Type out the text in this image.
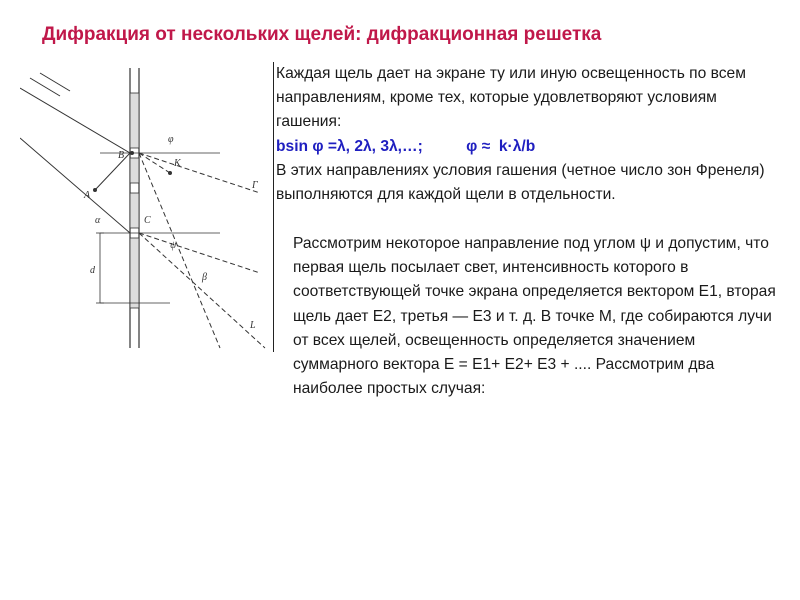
Дифракция от нескольких щелей: дифракционная решетка
A
B
C
K
Г
L
d
α
φ
ψ
β

Каждая щель дает на экране ту или иную освещенность по всем направлениям, кроме тех, которые удовлетворяют условиям гашения:

bsin φ =λ, 2λ, 3λ,…;          φ ≈  k·λ/b

В этих направлениях условия гашения (четное число зон Френеля) выполняются для каждой щели в отдельности.

Рассмотрим некоторое направление под углом ψ и допустим, что первая щель посылает свет, интенсивность которого в соответствующей точке экрана определяется вектором Е1, вторая щель дает Е2, третья — Е3 и т. д. В точке М, где собираются лучи от всех щелей, освещенность определяется значением суммарного вектора Е = Е1+ Е2+ Е3 + .... Рассмотрим два наиболее простых случая:
